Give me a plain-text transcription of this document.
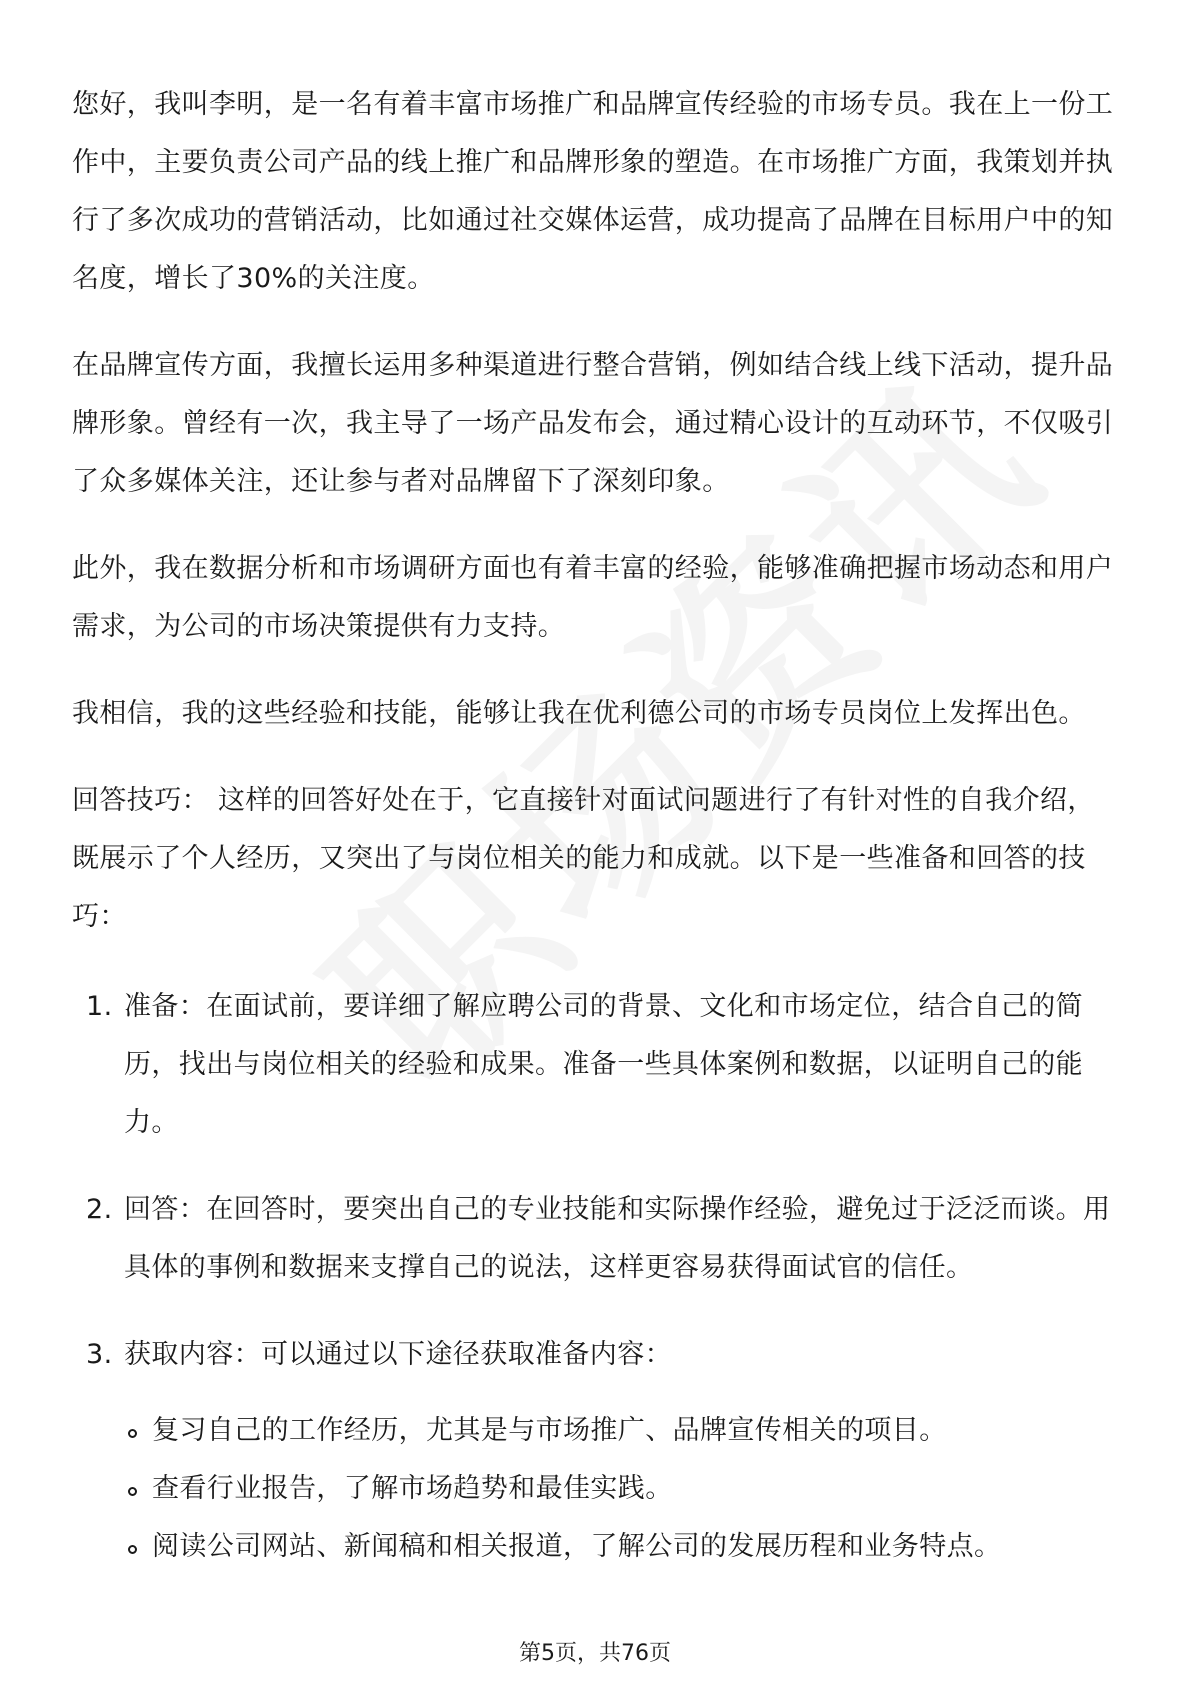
您好，我叫李明，是一名有着丰富市场推广和品牌宣传经验的市场专员。我在上一份工作中，主要负责公司产品的线上推广和品牌形象的塑造。在市场推广方面，我策划并执行了多次成功的营销活动，比如通过社交媒体运营，成功提高了品牌在目标用户中的知名度，增长了30%的关注度。

在品牌宣传方面，我擅长运用多种渠道进行整合营销，例如结合线上线下活动，提升品牌形象。曾经有一次，我主导了一场产品发布会，通过精心设计的互动环节，不仅吸引了众多媒体关注，还让参与者对品牌留下了深刻印象。

此外，我在数据分析和市场调研方面也有着丰富的经验，能够准确把握市场动态和用户需求，为公司的市场决策提供有力支持。

我相信，我的这些经验和技能，能够让我在优利德公司的市场专员岗位上发挥出色。

回答技巧： 这样的回答好处在于，它直接针对面试问题进行了有针对性的自我介绍，既展示了个人经历，又突出了与岗位相关的能力和成就。以下是一些准备和回答的技巧：

1. 准备：在面试前，要详细了解应聘公司的背景、文化和市场定位，结合自己的简历，找出与岗位相关的经验和成果。准备一些具体案例和数据，以证明自己的能力。
2. 回答：在回答时，要突出自己的专业技能和实际操作经验，避免过于泛泛而谈。用具体的事例和数据来支撑自己的说法，这样更容易获得面试官的信任。
3. 获取内容：可以通过以下途径获取准备内容：
复习自己的工作经历，尤其是与市场推广、品牌宣传相关的项目。
查看行业报告，了解市场趋势和最佳实践。
阅读公司网站、新闻稿和相关报道，了解公司的发展历程和业务特点。
第5页，共76页
